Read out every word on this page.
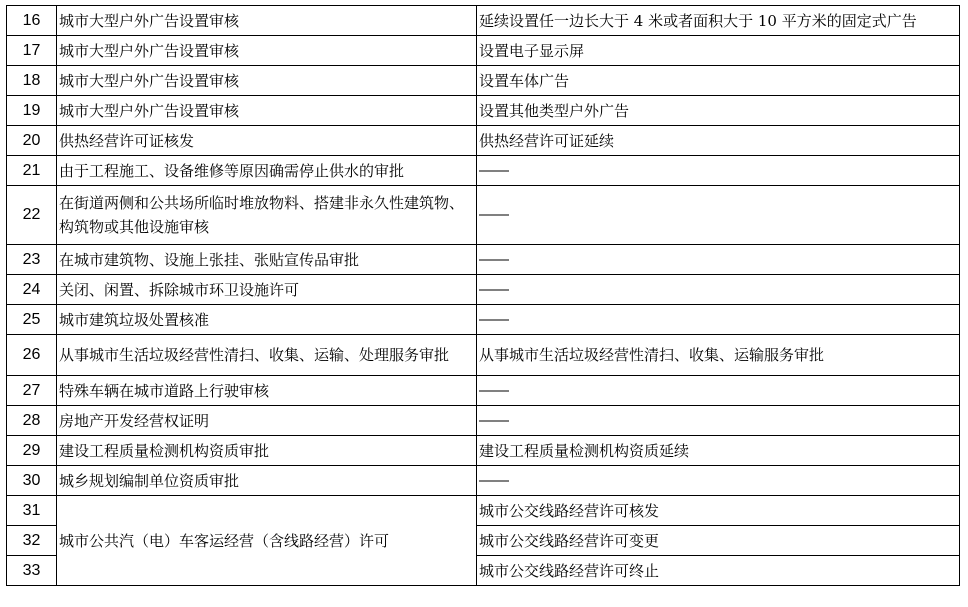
16	城市大型户外广告设置审核	延续设置任一边长大于 4 米或者面积大于 10 平方米的固定式广告
17	城市大型户外广告设置审核	设置电子显示屏
18	城市大型户外广告设置审核	设置车体广告
19	城市大型户外广告设置审核	设置其他类型户外广告
20	供热经营许可证核发	供热经营许可证延续
21	由于工程施工、设备维修等原因确需停止供水的审批	——
22	在街道两侧和公共场所临时堆放物料、搭建非永久性建筑物、构筑物或其他设施审核	——
23	在城市建筑物、设施上张挂、张贴宣传品审批	——
24	关闭、闲置、拆除城市环卫设施许可	——
25	城市建筑垃圾处置核准	——
26	从事城市生活垃圾经营性清扫、收集、运输、处理服务审批	从事城市生活垃圾经营性清扫、收集、运输服务审批
27	特殊车辆在城市道路上行驶审核	——
28	房地产开发经营权证明	——
29	建设工程质量检测机构资质审批	建设工程质量检测机构资质延续
30	城乡规划编制单位资质审批	——
31	城市公共汽（电）车客运经营（含线路经营）许可	城市公交线路经营许可核发
32		城市公交线路经营许可变更
33		城市公交线路经营许可终止
